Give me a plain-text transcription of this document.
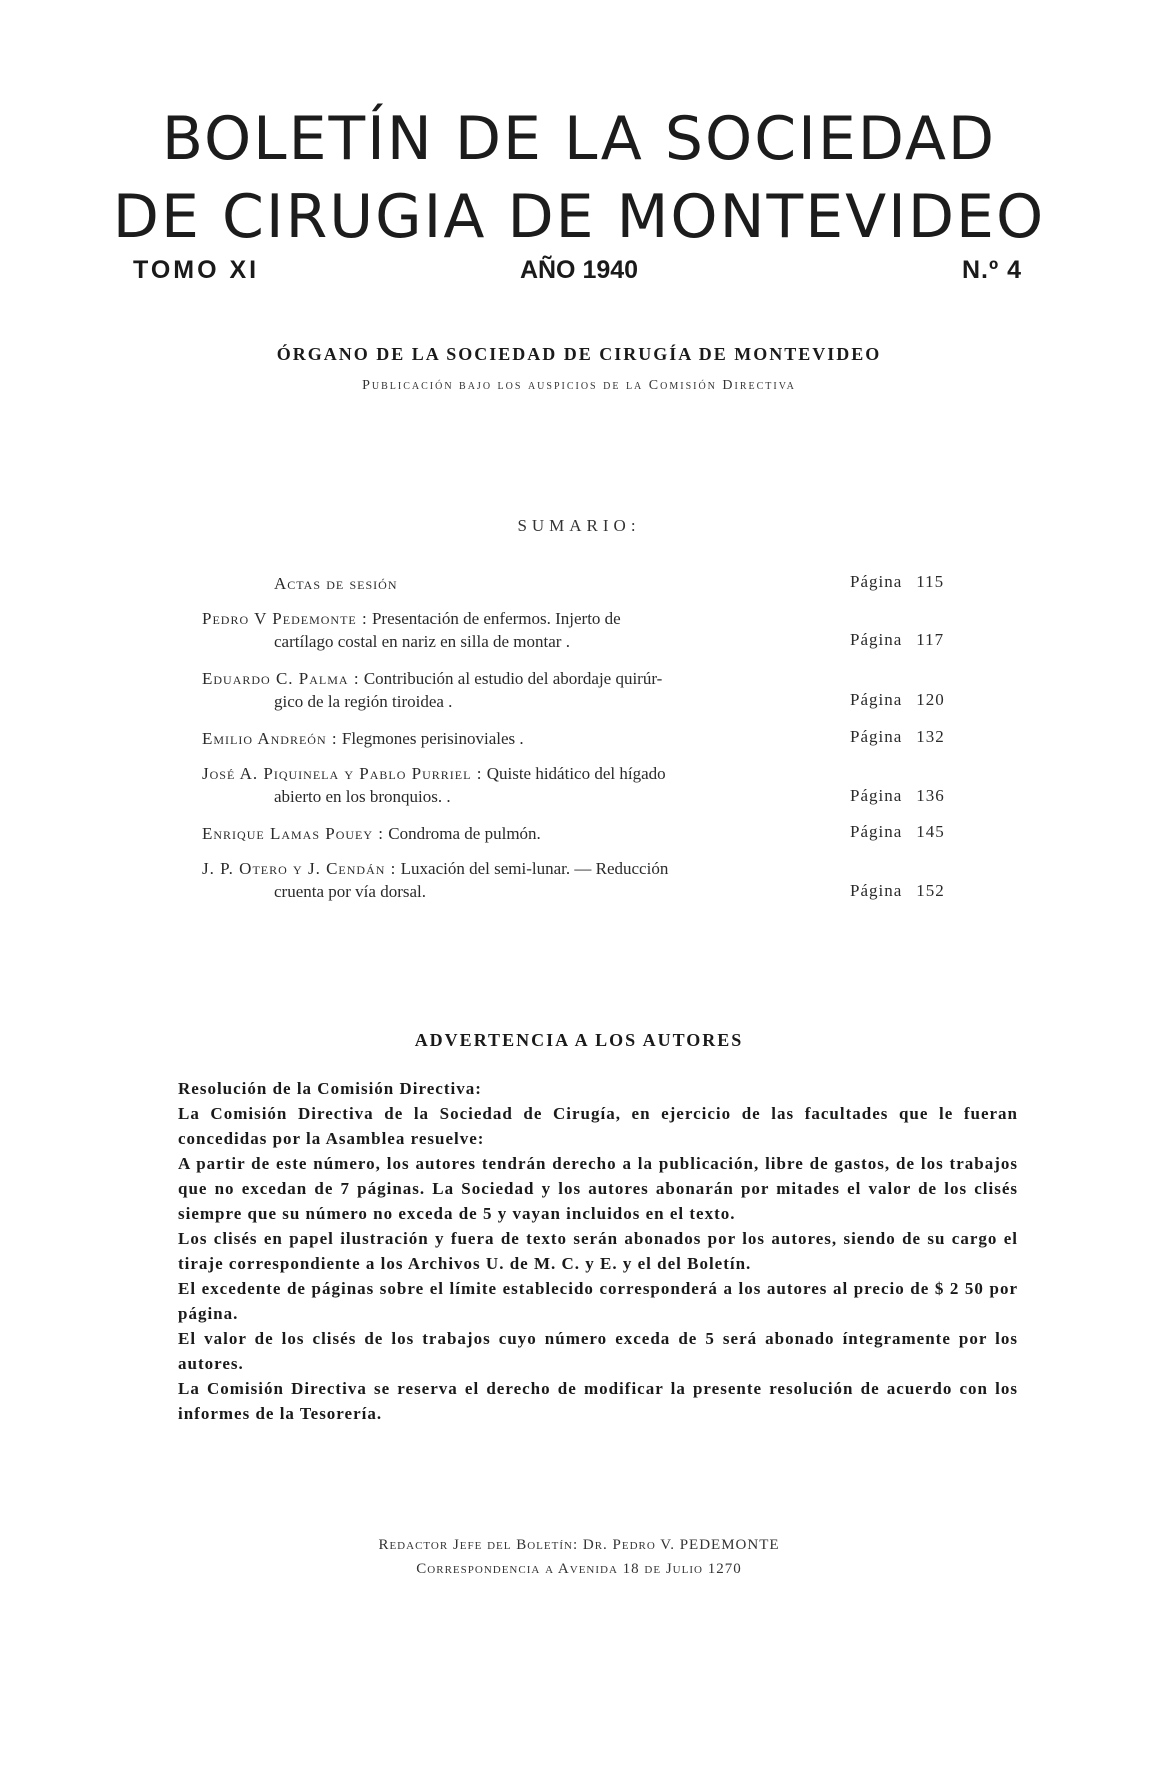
BOLETÍN DE LA SOCIEDAD
DE CIRUGIA DE MONTEVIDEO
TOMO XI	AÑO 1940	N.º 4
ÓRGANO DE LA SOCIEDAD DE CIRUGÍA DE MONTEVIDEO
Publicación bajo los auspicios de la Comisión Directiva
SUMARIO:
Actas de sesión	Página 115
Pedro V Pedemonte : Presentación de enfermos. Injerto de
cartílago costal en nariz en silla de montar .	Página 117
Eduardo C. Palma : Contribución al estudio del abordaje quirúr-
gico de la región tiroidea .	Página 120
Emilio Andreón : Flegmones perisinoviales .	Página 132
José A. Piquinela y Pablo Purriel : Quiste hidático del hígado
abierto en los bronquios. .	Página 136
Enrique Lamas Pouey : Condroma de pulmón.	Página 145
J. P. Otero y J. Cendán : Luxación del semi-lunar. — Reducción
cruenta por vía dorsal.	Página 152
ADVERTENCIA A LOS AUTORES

Resolución de la Comisión Directiva:

La Comisión Directiva de la Sociedad de Cirugía, en ejercicio de las facultades que le fueran concedidas por la Asamblea resuelve:

A partir de este número, los autores tendrán derecho a la publicación, libre de gastos, de los trabajos que no excedan de 7 páginas. La Sociedad y los autores abonarán por mitades el valor de los clisés siempre que su número no exceda de 5 y vayan incluidos en el texto.

Los clisés en papel ilustración y fuera de texto serán abonados por los autores, siendo de su cargo el tiraje correspondiente a los Archivos U. de M. C. y E. y el del Boletín.

El excedente de páginas sobre el límite establecido corresponderá a los autores al precio de $ 2 50 por página.

El valor de los clisés de los trabajos cuyo número exceda de 5 será abonado íntegramente por los autores.

La Comisión Directiva se reserva el derecho de modificar la presente resolución de acuerdo con los informes de la Tesorería.

Redactor Jefe del Boletín: Dr. Pedro V. PEDEMONTE
Correspondencia a Avenida 18 de Julio 1270
